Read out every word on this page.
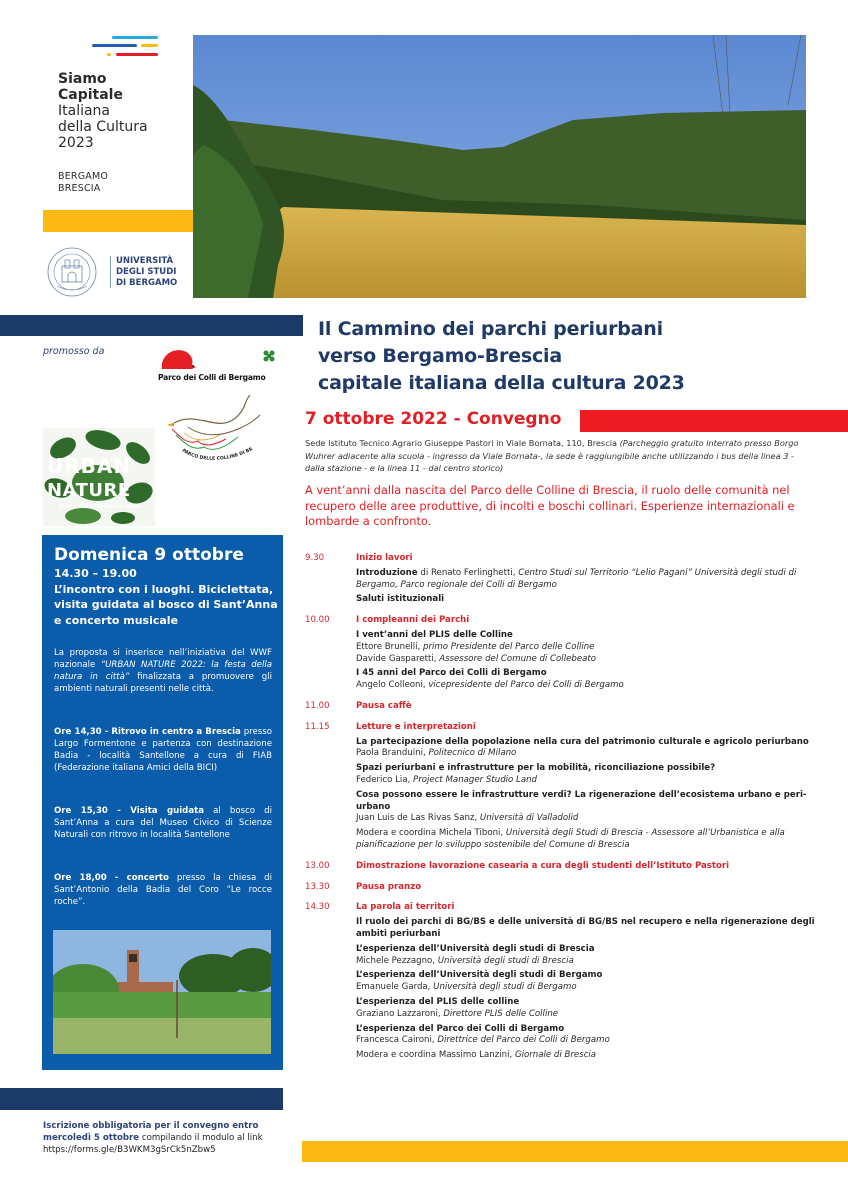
Siamo
Capitale
Italiana
della Cultura
2023
BERGAMO
BRESCIA
UNIVERSITÀ
DEGLI STUDI
DI BERGAMO
Il Cammino dei parchi periurbani
verso Bergamo-Brescia
capitale italiana della cultura 2023
7 ottobre 2022 - Convegno
Sede Istituto Tecnico Agrario Giuseppe Pastori in Viale Bornata, 110, Brescia (Parcheggio gratuito interrato presso Borgo Wuhrer adiacente alla scuola - ingresso da Viale Bornata-, la sede è raggiungibile anche utilizzando i bus della linea 3 - dalla stazione - e la linea 11 - dal centro storico)
A vent’anni dalla nascita del Parco delle Colline di Brescia, il ruolo delle comunità nel recupero delle aree produttive, di incolti e boschi collinari. Esperienze internazionali e lombarde a confronto.
9.30	Inizio lavori
Introduzione di Renato Ferlinghetti, Centro Studi sul Territorio “Lelio Pagani” Università degli studi di Bergamo, Parco regionale dei Colli di Bergamo
Saluti istituzionali
10.00	I compleanni dei Parchi
I vent’anni del PLIS delle Colline
Ettore Brunelli, primo Presidente del Parco delle Colline
Davide Gasparetti, Assessore del Comune di Collebeato
I 45 anni del Parco dei Colli di Bergamo
Angelo Colleoni, vicepresidente del Parco dei Colli di Bergamo
11.00	Pausa caffè
11.15	Letture e interpretazioni
La partecipazione della popolazione nella cura del patrimonio culturale e agricolo periurbano
Paola Branduini, Politecnico di Milano
Spazi periurbani e infrastrutture per la mobilità, riconciliazione possibile?
Federico Lia, Project Manager Studio Land
Cosa possono essere le infrastrutture verdi? La rigenerazione dell’ecosistema urbano e peri-urbano
Juan Luis de Las Rivas Sanz, Università di Valladolid
Modera e coordina Michela Tiboni, Università degli Studi di Brescia - Assessore all’Urbanistica e alla pianificazione per lo sviluppo sostenibile del Comune di Brescia
13.00	Dimostrazione lavorazione casearia a cura degli studenti dell’Istituto Pastori
13.30	Pausa pranzo
14.30	La parola ai territori
Il ruolo dei parchi di BG/BS e delle università di BG/BS nel recupero e nella rigenerazione degli ambiti periurbani
L’esperienza dell’Università degli studi di Brescia
Michele Pezzagno, Università degli studi di Brescia
L’esperienza dell’Università degli studi di Bergamo
Emanuele Garda, Università degli studi di Bergamo
L’esperienza del PLIS delle colline
Graziano Lazzaroni, Direttore PLIS delle Colline
L’esperienza del Parco dei Colli di Bergamo
Francesca Caironi, Direttrice del Parco dei Colli di Bergamo
Modera e coordina Massimo Lanzini, Giornale di Brescia
promosso da
Parco dei Colli di Bergamo
PARCO DELLE COLLINE DI BR
URBAN
NATURE
Festa della Natura in città
Domenica 9 ottobre
14.30 – 19.00
L’incontro con i luoghi. Biciclettata, visita guidata al bosco di Sant’Anna e concerto musicale
La proposta si inserisce nell’iniziativa del WWF nazionale “URBAN NATURE 2022: la festa della natura in città” finalizzata a promuovere gli ambienti naturali presenti nelle città.
Ore 14,30 - Ritrovo in centro a Brescia presso Largo Formentone e partenza con destinazione Badia - località Santellone a cura di FIAB (Federazione italiana Amici della BICI)
Ore 15,30 - Visita guidata al bosco di Sant’Anna a cura del Museo Civico di Scienze Naturali con ritrovo in località Santellone
Ore 18,00 - concerto presso la chiesa di Sant’Antonio della Badia del Coro “Le rocce roche”.
Iscrizione obbligatoria per il convegno entro mercoledì 5 ottobre compilando il modulo al link
https://forms.gle/B3WKM3gSrCk5nZbw5
